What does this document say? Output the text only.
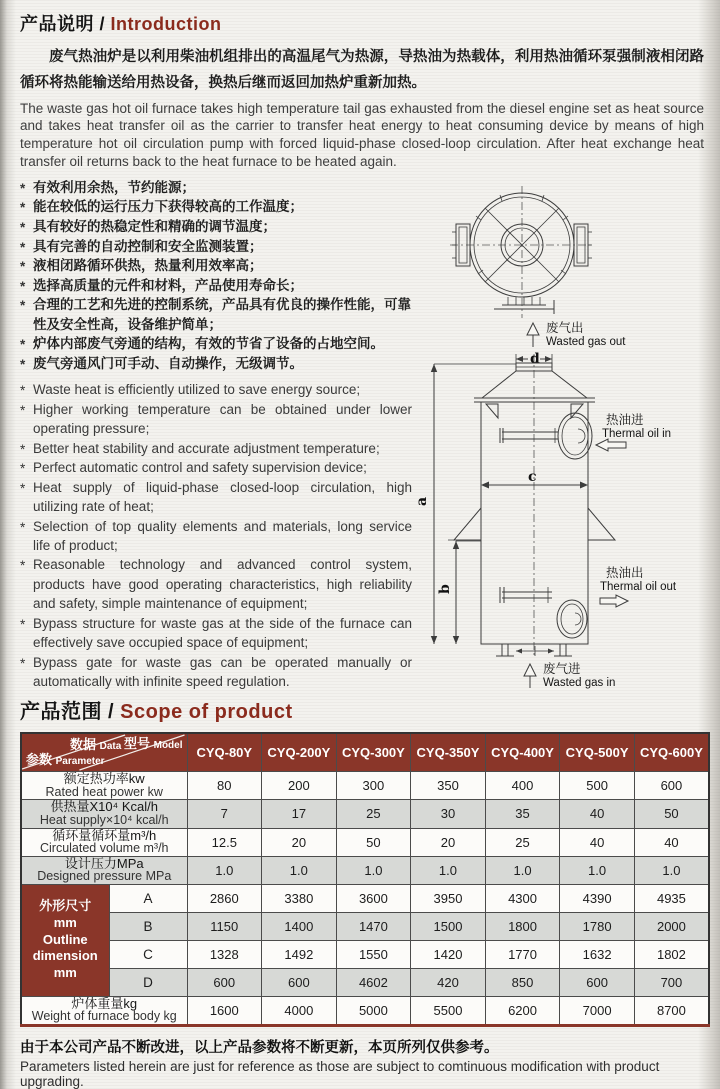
产品说明 / Introduction

废气热油炉是以利用柴油机组排出的高温尾气为热源，导热油为热载体，利用热油循环泵强制液相闭路循环将热能输送给用热设备，换热后继而返回加热炉重新加热。

The waste gas hot oil furnace takes high temperature tail gas exhausted from the diesel engine set as heat source and takes heat transfer oil as the carrier to transfer heat energy to heat consuming device by means of high temperature hot oil circulation pump with forced liquid-phase closed-loop circulation. After heat exchange heat transfer oil returns back to the heat furnace to be heated again.

* 有效利用余热，节约能源；
* 能在较低的运行压力下获得较高的工作温度；
* 具有较好的热稳定性和精确的调节温度；
* 具有完善的自动控制和安全监测装置；
* 液相闭路循环供热，热量利用效率高；
* 选择高质量的元件和材料，产品使用寿命长；
* 合理的工艺和先进的控制系统，产品具有优良的操作性能，可靠性及安全性高，设备维护简单；
* 炉体内部废气旁通的结构，有效的节省了设备的占地空间。
* 废气旁通风门可手动、自动操作，无级调节。
* Waste heat is efficiently utilized to save energy source;
* Higher working temperature can be obtained under lower operating pressure;
* Better heat stability and accurate adjustment temperature;
* Perfect automatic control and safety supervision device;
* Heat supply of liquid-phase closed-loop circulation, high utilizing rate of heat;
* Selection of top quality elements and materials, long service life of product;
* Reasonable technology and advanced control system, products have good operating characteristics, high reliability and safety, simple maintenance of equipment;
* Bypass structure for waste gas at the side of the furnace can effectively save occupied space of equipment;
* Bypass gate for waste gas can be operated manually or automatically with infinite speed regulation.
废气出
Wasted gas out
d
c
a
b
热油进
Thermal oil in
热油出
Thermal oil out
废气进
Wasted gas in
产品范围 / Scope of product
数据 Data 型号 Model
参数 Parameter		CYQ-80Y	CYQ-200Y	CYQ-300Y	CYQ-350Y	CYQ-400Y	CYQ-500Y	CYQ-600Y

额定热功率kw
Rated heat power kw		80	200	300	350	400	500	600

供热量X10⁴ Kcal/h
Heat supply×10⁴ kcal/h		7	17	25	30	35	40	50

循环量循环量m³/h
Circulated volume m³/h		12.5	20	50	20	25	40	40

设计压力MPa
Designed pressure MPa		1.0	1.0	1.0	1.0	1.0	1.0	1.0

外形尺寸
mm
Outline dimension
mm	A	2860	3380	3600	3950	4300	4390	4935
	B	1150	1400	1470	1500	1800	1780	2000
	C	1328	1492	1550	1420	1770	1632	1802
	D	600	600	4602	420	850	600	700

炉体重量kg
Weight of furnace body kg		1600	4000	5000	5500	6200	7000	8700

由于本公司产品不断改进，以上产品参数将不断更新，本页所列仅供参考。

Parameters listed herein are just for reference as those are subject to comtinuous modification with product upgrading.
